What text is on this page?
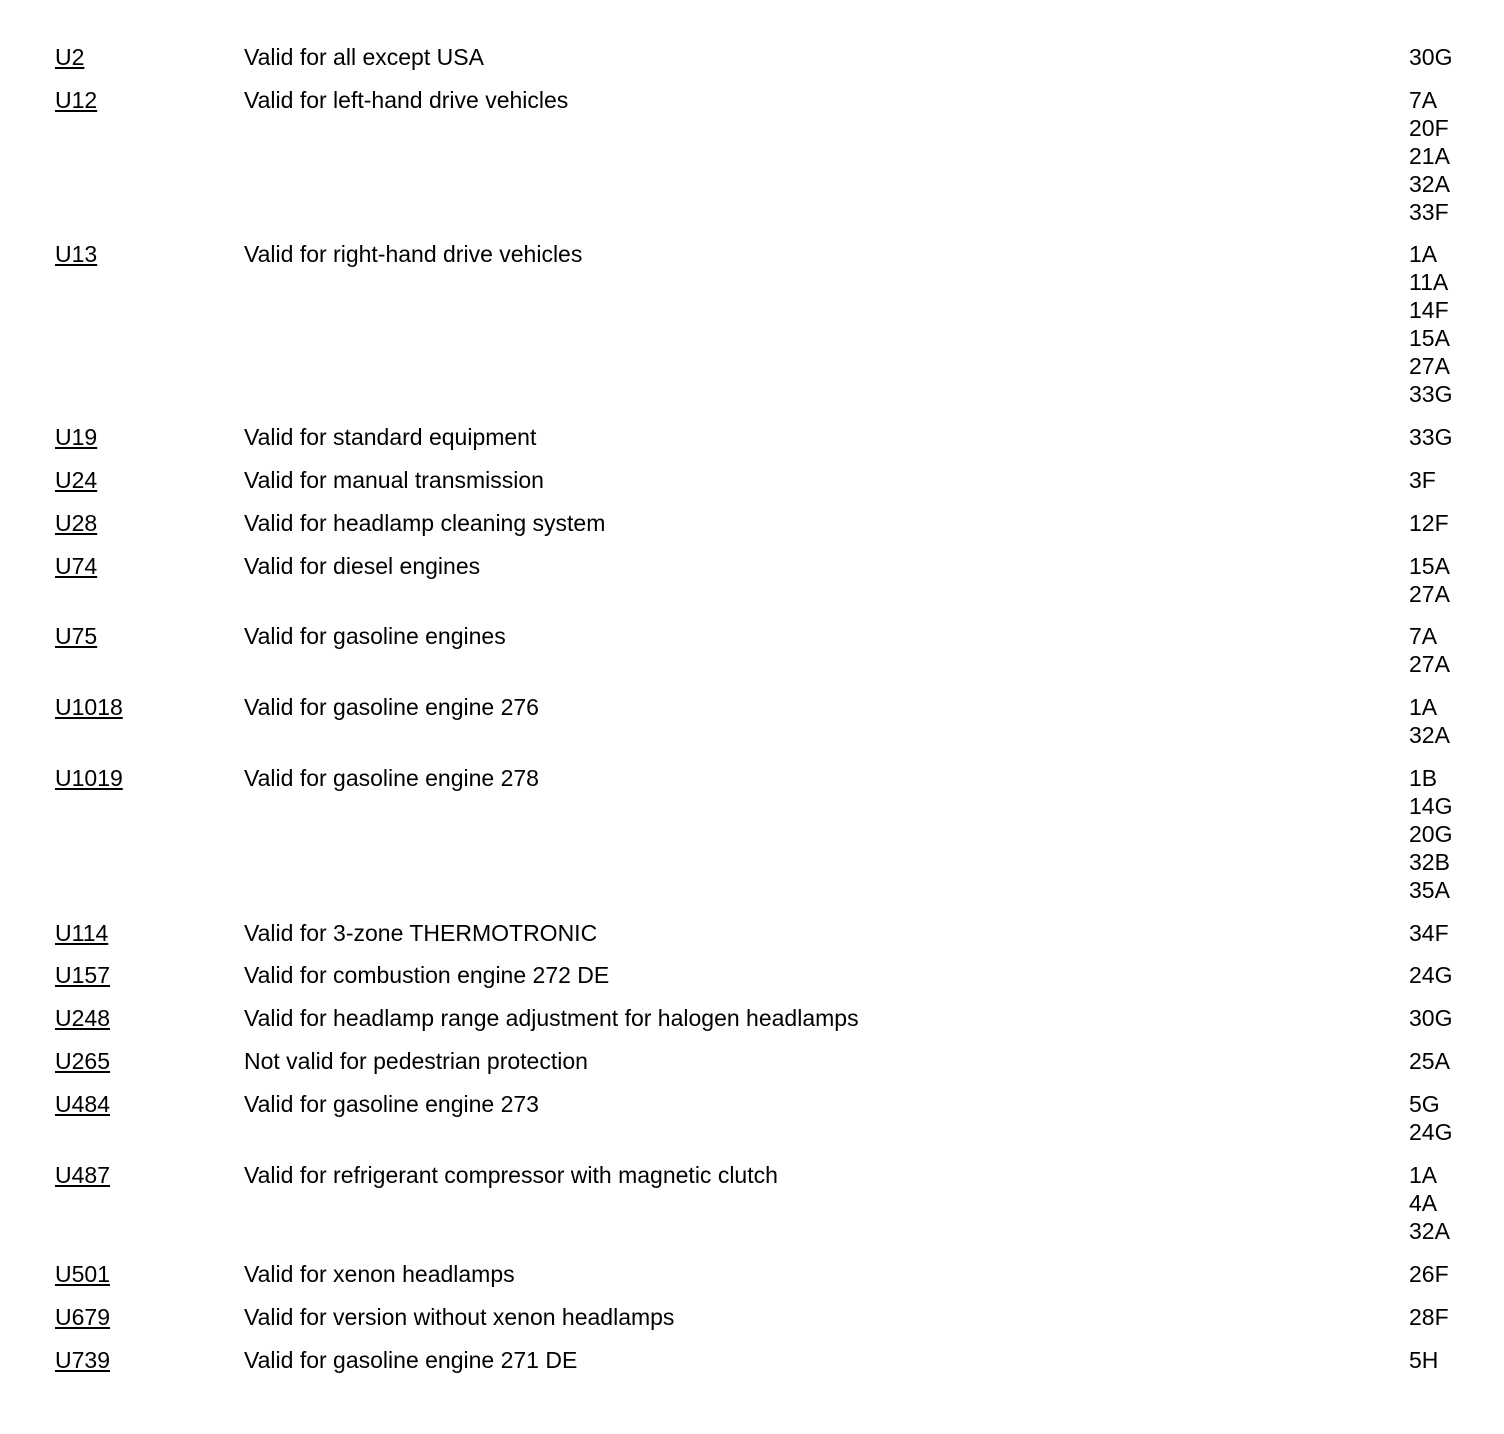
U2	Valid for all except USA	30G
U12	Valid for left-hand drive vehicles	7A
20F
21A
32A
33F
U13	Valid for right-hand drive vehicles	1A
11A
14F
15A
27A
33G
U19	Valid for standard equipment	33G
U24	Valid for manual transmission	3F
U28	Valid for headlamp cleaning system	12F
U74	Valid for diesel engines	15A
27A
U75	Valid for gasoline engines	7A
27A
U1018	Valid for gasoline engine 276	1A
32A
U1019	Valid for gasoline engine 278	1B
14G
20G
32B
35A
U114	Valid for 3-zone THERMOTRONIC	34F
U157	Valid for combustion engine 272 DE	24G
U248	Valid for headlamp range adjustment for halogen headlamps	30G
U265	Not valid for pedestrian protection	25A
U484	Valid for gasoline engine 273	5G
24G
U487	Valid for refrigerant compressor with magnetic clutch	1A
4A
32A
U501	Valid for xenon headlamps	26F
U679	Valid for version without xenon headlamps	28F
U739	Valid for gasoline engine 271 DE	5H
